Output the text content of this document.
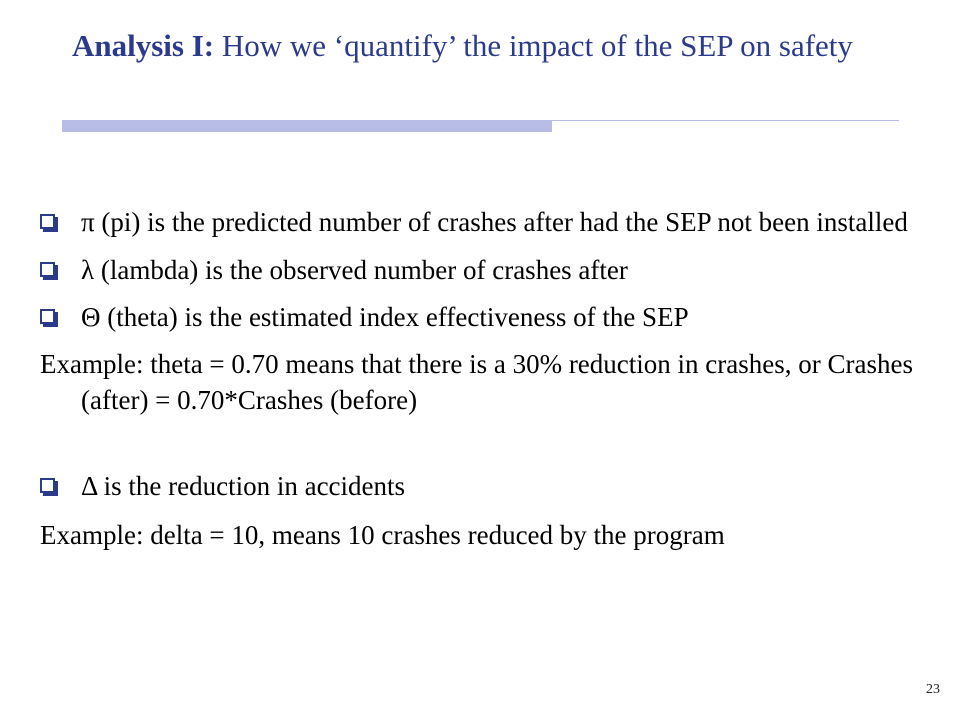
Analysis I: How we ‘quantify’ the impact of the SEP on safety
π (pi) is the predicted number of crashes after had the SEP not been installed
λ (lambda) is the observed number of crashes after
Θ (theta) is the estimated index effectiveness of the SEP
Example: theta = 0.70 means that there is a 30% reduction in crashes, or Crashes (after) = 0.70*Crashes (before)
Δ is the reduction in accidents
Example: delta = 10, means 10 crashes reduced by the program
23
